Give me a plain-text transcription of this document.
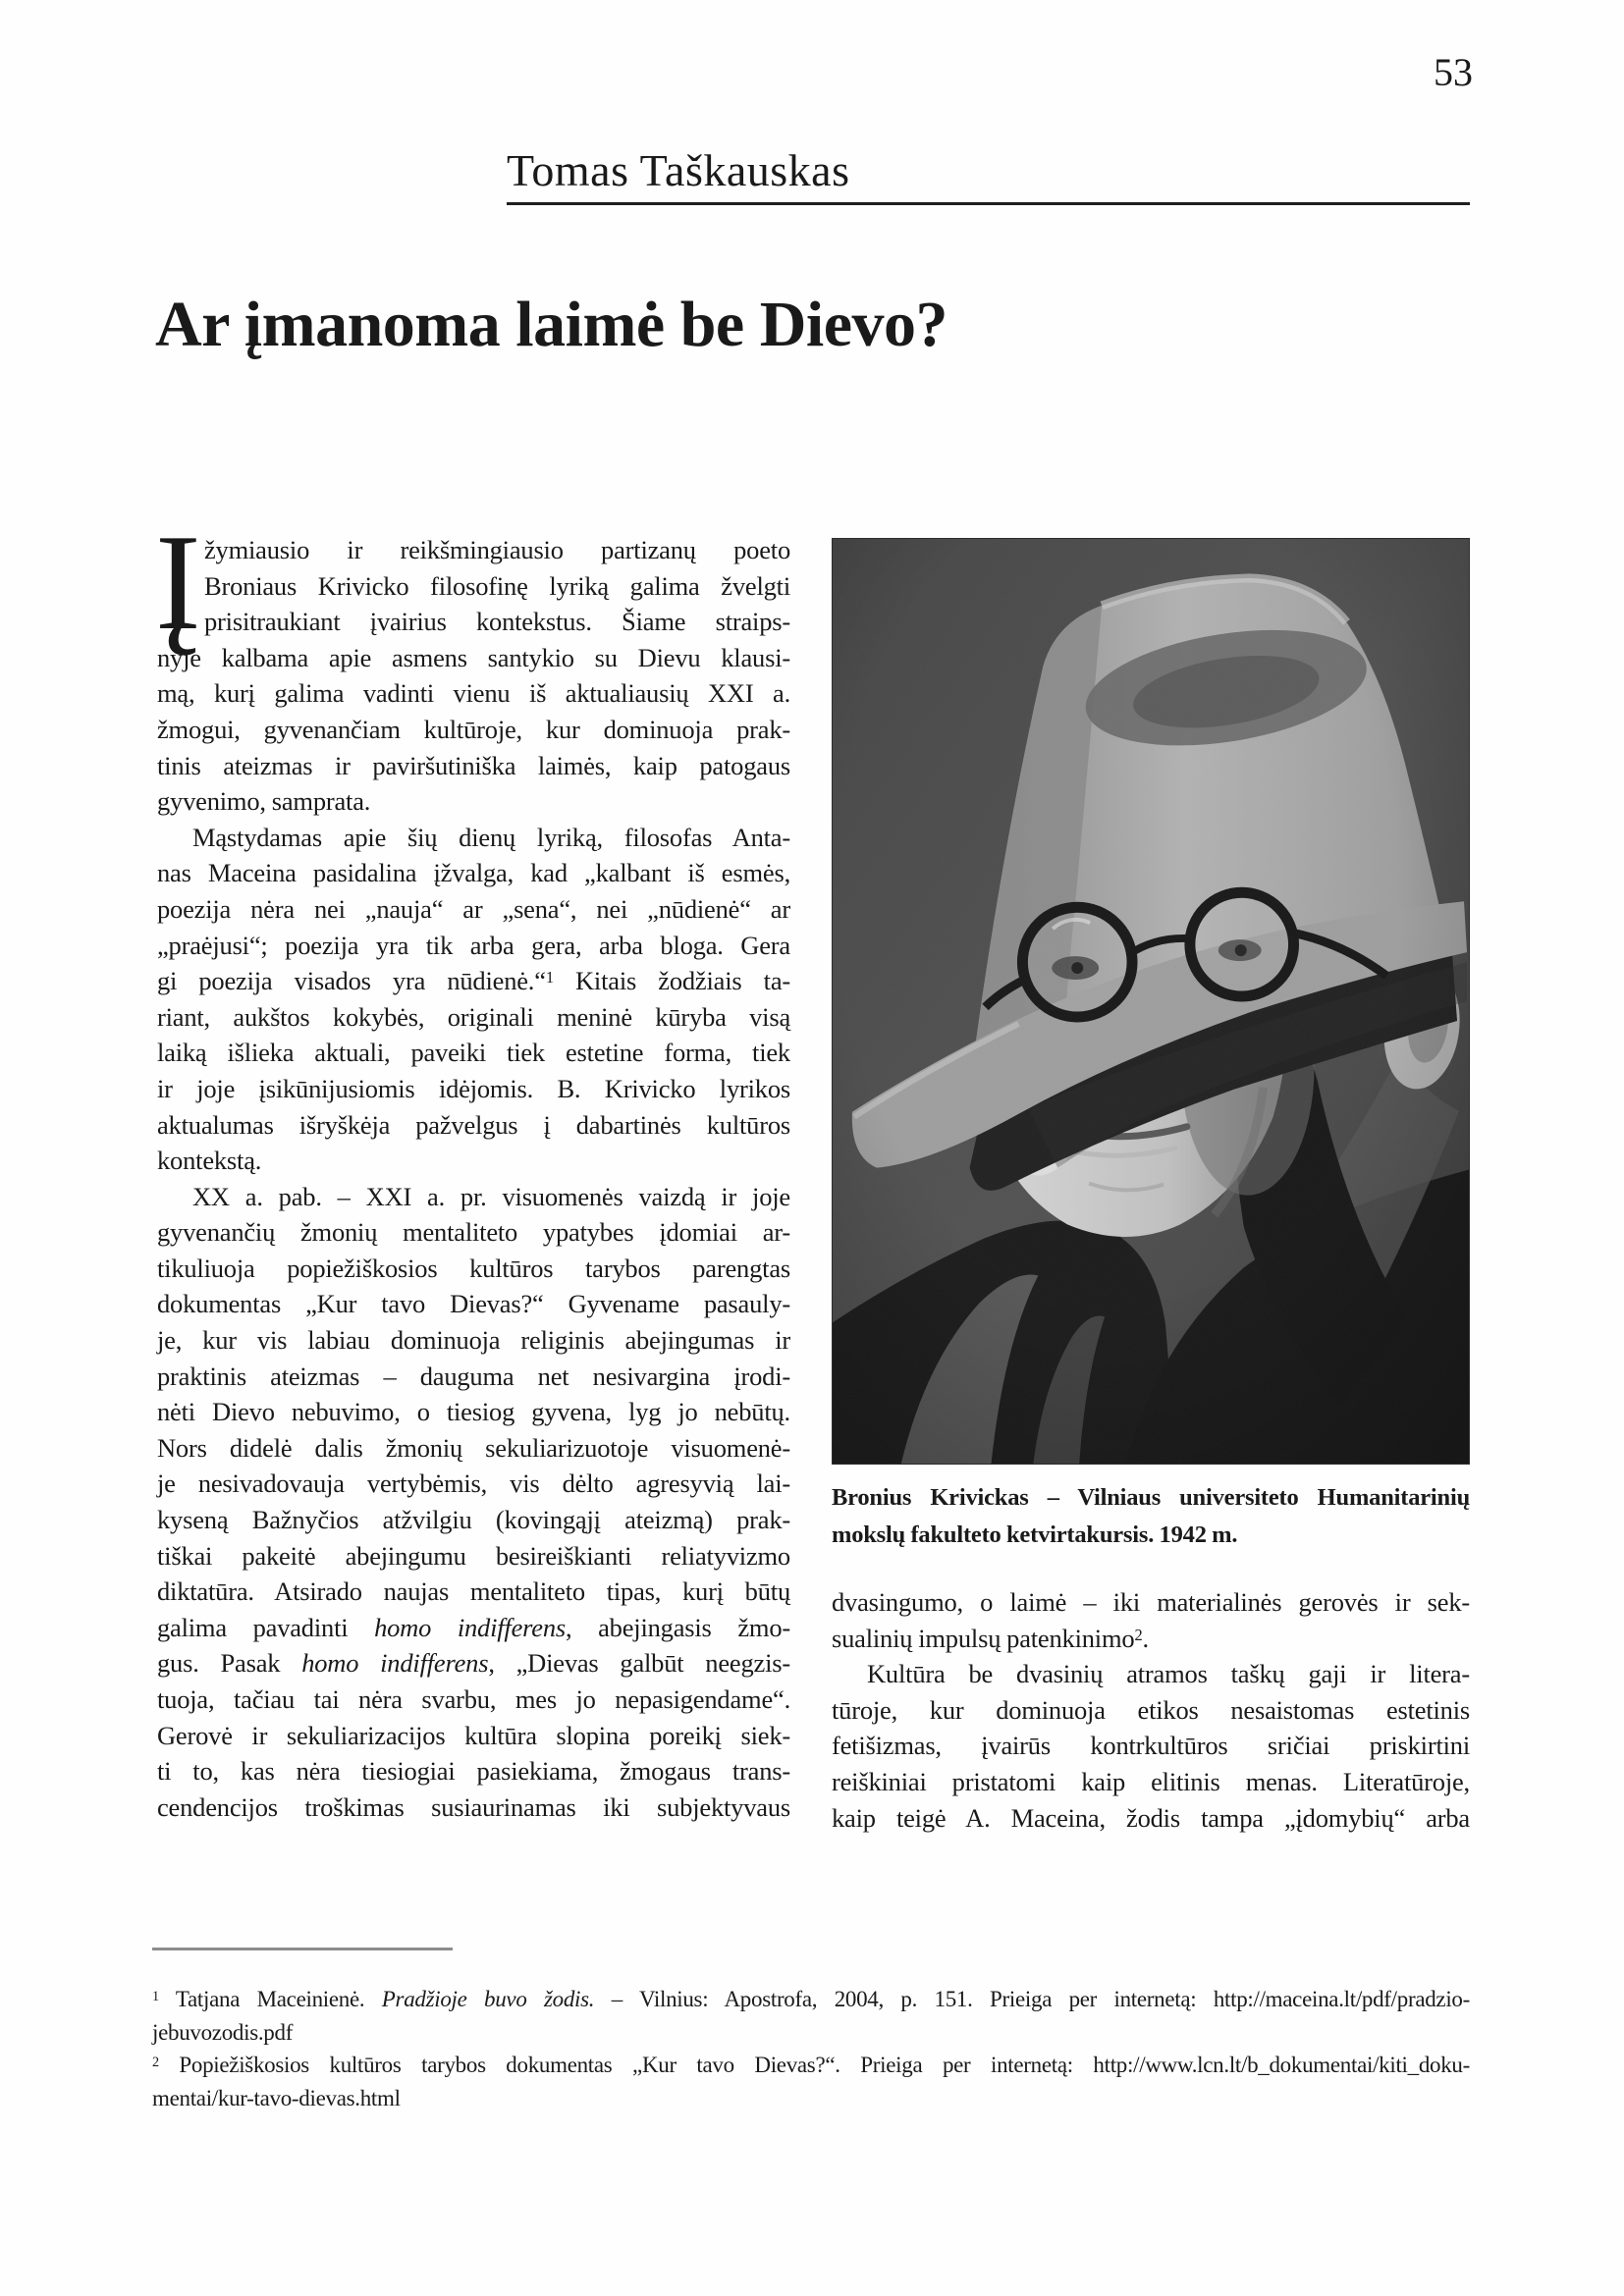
53
Tomas Taškauskas
Ar įmanoma laimė be Dievo?
Į žymiausio ir reikšmingiausio partizanų poeto
Broniaus Krivicko filosofinę lyriką galima žvelgti
prisitraukiant įvairius kontekstus. Šiame straips-
nyje kalbama apie asmens santykio su Dievu klausi-
mą, kurį galima vadinti vienu iš aktualiausių XXI a.
žmogui, gyvenančiam kultūroje, kur dominuoja prak-
tinis ateizmas ir paviršutiniška laimės, kaip patogaus
gyvenimo, samprata.
Mąstydamas apie šių dienų lyriką, filosofas Anta-
nas Maceina pasidalina įžvalga, kad „kalbant iš esmės,
poezija nėra nei „nauja“ ar „sena“, nei „nūdienė“ ar
„praėjusi“; poezija yra tik arba gera, arba bloga. Gera
gi poezija visados yra nūdienė.“$^1$ Kitais žodžiais ta-
riant, aukštos kokybės, originali meninė kūryba visą
laiką išlieka aktuali, paveiki tiek estetine forma, tiek
ir joje įsikūnijusiomis idėjomis. B. Krivicko lyrikos
aktualumas išryškėja pažvelgus į dabartinės kultūros
kontekstą.
XX a. pab. – XXI a. pr. visuomenės vaizdą ir joje
gyvenančių žmonių mentaliteto ypatybes įdomiai ar-
tikuliuoja popiežiškosios kultūros tarybos parengtas
dokumentas „Kur tavo Dievas?“ Gyvename pasauly-
je, kur vis labiau dominuoja religinis abejingumas ir
praktinis ateizmas – dauguma net nesivargina įrodi-
nėti Dievo nebuvimo, o tiesiog gyvena, lyg jo nebūtų.
Nors didelė dalis žmonių sekuliarizuotoje visuomenė-
je nesivadovauja vertybėmis, vis dėlto agresyvią lai-
kyseną Bažnyčios atžvilgiu (kovingąjį ateizmą) prak-
tiškai pakeitė abejingumu besireiškianti reliatyvizmo
diktatūra. Atsirado naujas mentaliteto tipas, kurį būtų
galima pavadinti homo indifferens, abejingasis žmo-
gus. Pasak homo indifferens, „Dievas galbūt neegzis-
tuoja, tačiau tai nėra svarbu, mes jo nepasigendame“.
Gerovė ir sekuliarizacijos kultūra slopina poreikį siek-
ti to, kas nėra tiesiogiai pasiekiama, žmogaus trans-
cendencijos troškimas susiaurinamas iki subjektyvaus
Bronius Krivickas – Vilniaus universiteto Humanitarinių
mokslų fakulteto ketvirtakursis. 1942 m.
dvasingumo, o laimė – iki materialinės gerovės ir sek-
sualinių impulsų patenkinimo$^2$.
Kultūra be dvasinių atramos taškų gaji ir litera-
tūroje, kur dominuoja etikos nesaistomas estetinis
fetišizmas, įvairūs kontrkultūros sričiai priskirtini
reiškiniai pristatomi kaip elitinis menas. Literatūroje,
kaip teigė A. Maceina, žodis tampa „įdomybių“ arba
$^1$ Tatjana Maceinienė. Pradžioje buvo žodis. – Vilnius: Apostrofa, 2004, p. 151. Prieiga per internetą: http://maceina.lt/pdf/pradzio-
jebuvozodis.pdf
$^2$ Popiežiškosios kultūros tarybos dokumentas „Kur tavo Dievas?“. Prieiga per internetą: http://www.lcn.lt/b_dokumentai/kiti_doku-
mentai/kur-tavo-dievas.html
